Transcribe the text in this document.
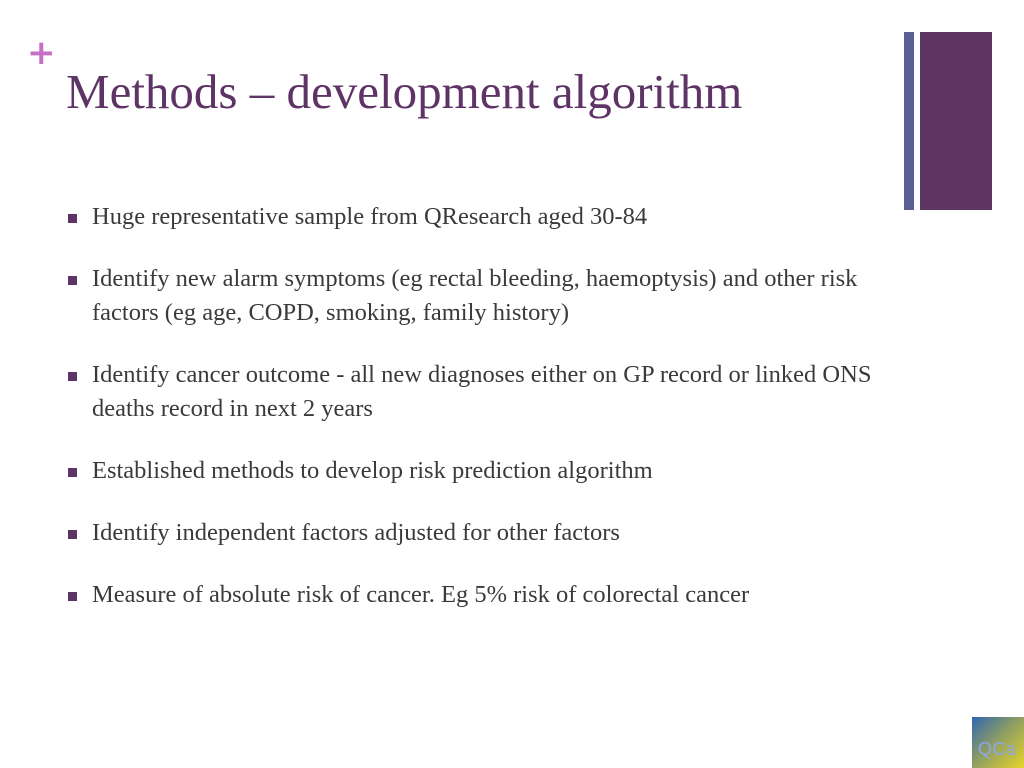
+
Methods – development algorithm
Huge representative sample from QResearch aged 30-84
Identify new alarm symptoms (eg rectal bleeding, haemoptysis) and other risk factors (eg age, COPD, smoking, family history)
Identify cancer outcome - all new diagnoses either on GP record or linked ONS deaths record in next 2 years
Established methods to develop risk prediction algorithm
Identify independent factors adjusted for other factors
Measure of absolute risk of cancer. Eg 5% risk of colorectal cancer
QCa
